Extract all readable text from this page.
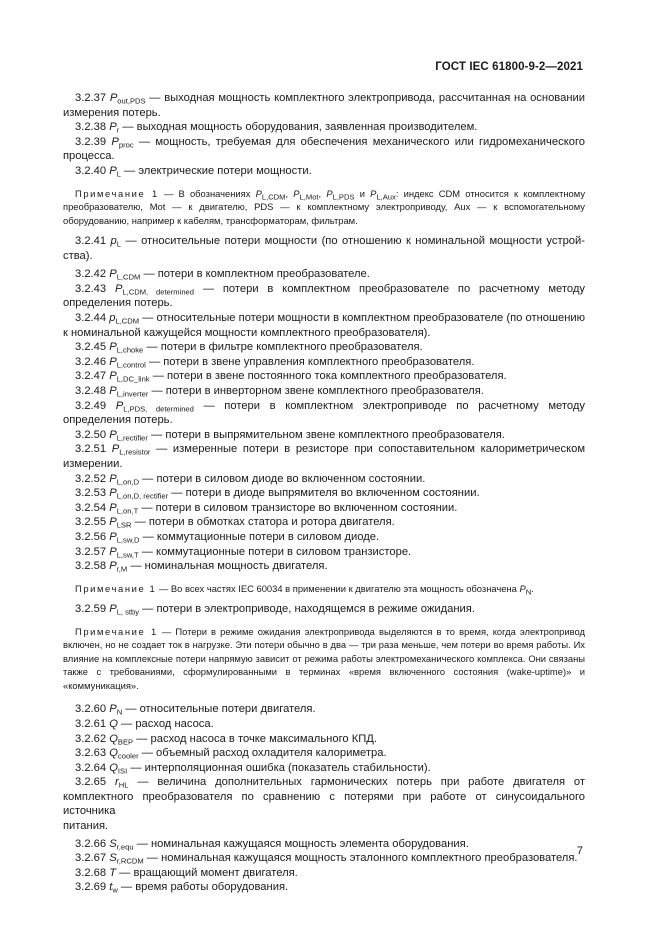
ГОСТ IEC 61800-9-2—2021

3.2.37 $P_{out,PDS}$ — выходная мощность комплектного электропривода, рассчитанная на основании

измерения потерь.

3.2.38 $P_r$ — выходная мощность оборудования, заявленная производителем.

3.2.39 $P_{proc}$ — мощность, требуемая для обеспечения механического или гидромеханического

процесса.

3.2.40 $P_L$ — электрические потери мощности.

Примечание 1 — В обозначениях $P_{L,CDM}$, $P_{L,Mot}$, $P_{L,PDS}$ и $P_{L,Aux}$: индекс CDM относится к комплектному преобразователю, Mot — к двигателю, PDS — к комплектному электроприводу, Aux — к вспомогательному оборудованию, например к кабелям, трансформаторам, фильтрам.

3.2.41 $p_L$ — относительные потери мощности (по отношению к номинальной мощности устрой-

ства).

3.2.42 $P_{L,CDM}$ — потери в комплектном преобразователе.

3.2.43 $P_{L,CDM, determined}$ — потери в комплектном преобразователе по расчетному методу

определения потерь.

3.2.44 $p_{L,CDM}$ — относительные потери мощности в комплектном преобразователе (по отношению

к номинальной кажущейся мощности комплектного преобразователя).

3.2.45 $P_{L,choke}$ — потери в фильтре комплектного преобразователя.

3.2.46 $P_{L,control}$ — потери в звене управления комплектного преобразователя.

3.2.47 $P_{L,DC\_link}$ — потери в звене постоянного тока комплектного преобразователя.

3.2.48 $P_{L,inverter}$ — потери в инверторном звене комплектного преобразователя.

3.2.49 $P_{L,PDS, determined}$ — потери в комплектном электроприводе по расчетному методу

определения потерь.

3.2.50 $P_{L,rectifier}$ — потери в выпрямительном звене комплектного преобразователя.

3.2.51 $P_{L,resistor}$ — измеренные потери в резисторе при сопоставительном калориметрическом

измерении.

3.2.52 $P_{L,on,D}$ — потери в силовом диоде во включенном состоянии.

3.2.53 $P_{L,on,D, rectifier}$ — потери в диоде выпрямителя во включенном состоянии.

3.2.54 $P_{L,on,T}$ — потери в силовом транзисторе во включенном состоянии.

3.2.55 $P_{LSR}$ — потери в обмотках статора и ротора двигателя.

3.2.56 $P_{L,sw,D}$ — коммутационные потери в силовом диоде.

3.2.57 $P_{L,sw,T}$ — коммутационные потери в силовом транзисторе.

3.2.58 $P_{r,M}$ — номинальная мощность двигателя.

Примечание 1 — Во всех частях IEC 60034 в применении к двигателю эта мощность обозначена $P_N$.

3.2.59 $P_{L, stby}$ — потери в электроприводе, находящемся в режиме ожидания.

Примечание 1 — Потери в режиме ожидания электропривода выделяются в то время, когда электропривод включен, но не создает ток в нагрузке. Эти потери обычно в два — три раза меньше, чем потери во время работы. Их влияние на комплексные потери напрямую зависит от режима работы электромеханического комплекса. Они связаны также с требованиями, сформулированными в терминах «время включенного состояния (wake-uptime)» и «коммуникация».

3.2.60 $P_N$ — относительные потери двигателя.

3.2.61 Q — расход насоса.

3.2.62 $Q_{BEP}$ — расход насоса в точке максимального КПД.

3.2.63 $Q_{cooler}$ — объемный расход охладителя калориметра.

3.2.64 $Q_{ISI}$ — интерполяционная ошибка (показатель стабильности).

3.2.65 $r_{HL}$ — величина дополнительных гармонических потерь при работе двигателя от

комплектного преобразователя по сравнению с потерями при работе от синусоидального источника

питания.

3.2.66 $S_{r,equ}$ — номинальная кажущаяся мощность элемента оборудования.

3.2.67 $S_{r,RCDM}$ — номинальная кажущаяся мощность эталонного комплектного преобразователя.

3.2.68 T — вращающий момент двигателя.

3.2.69 $t_w$ — время работы оборудования.

7
